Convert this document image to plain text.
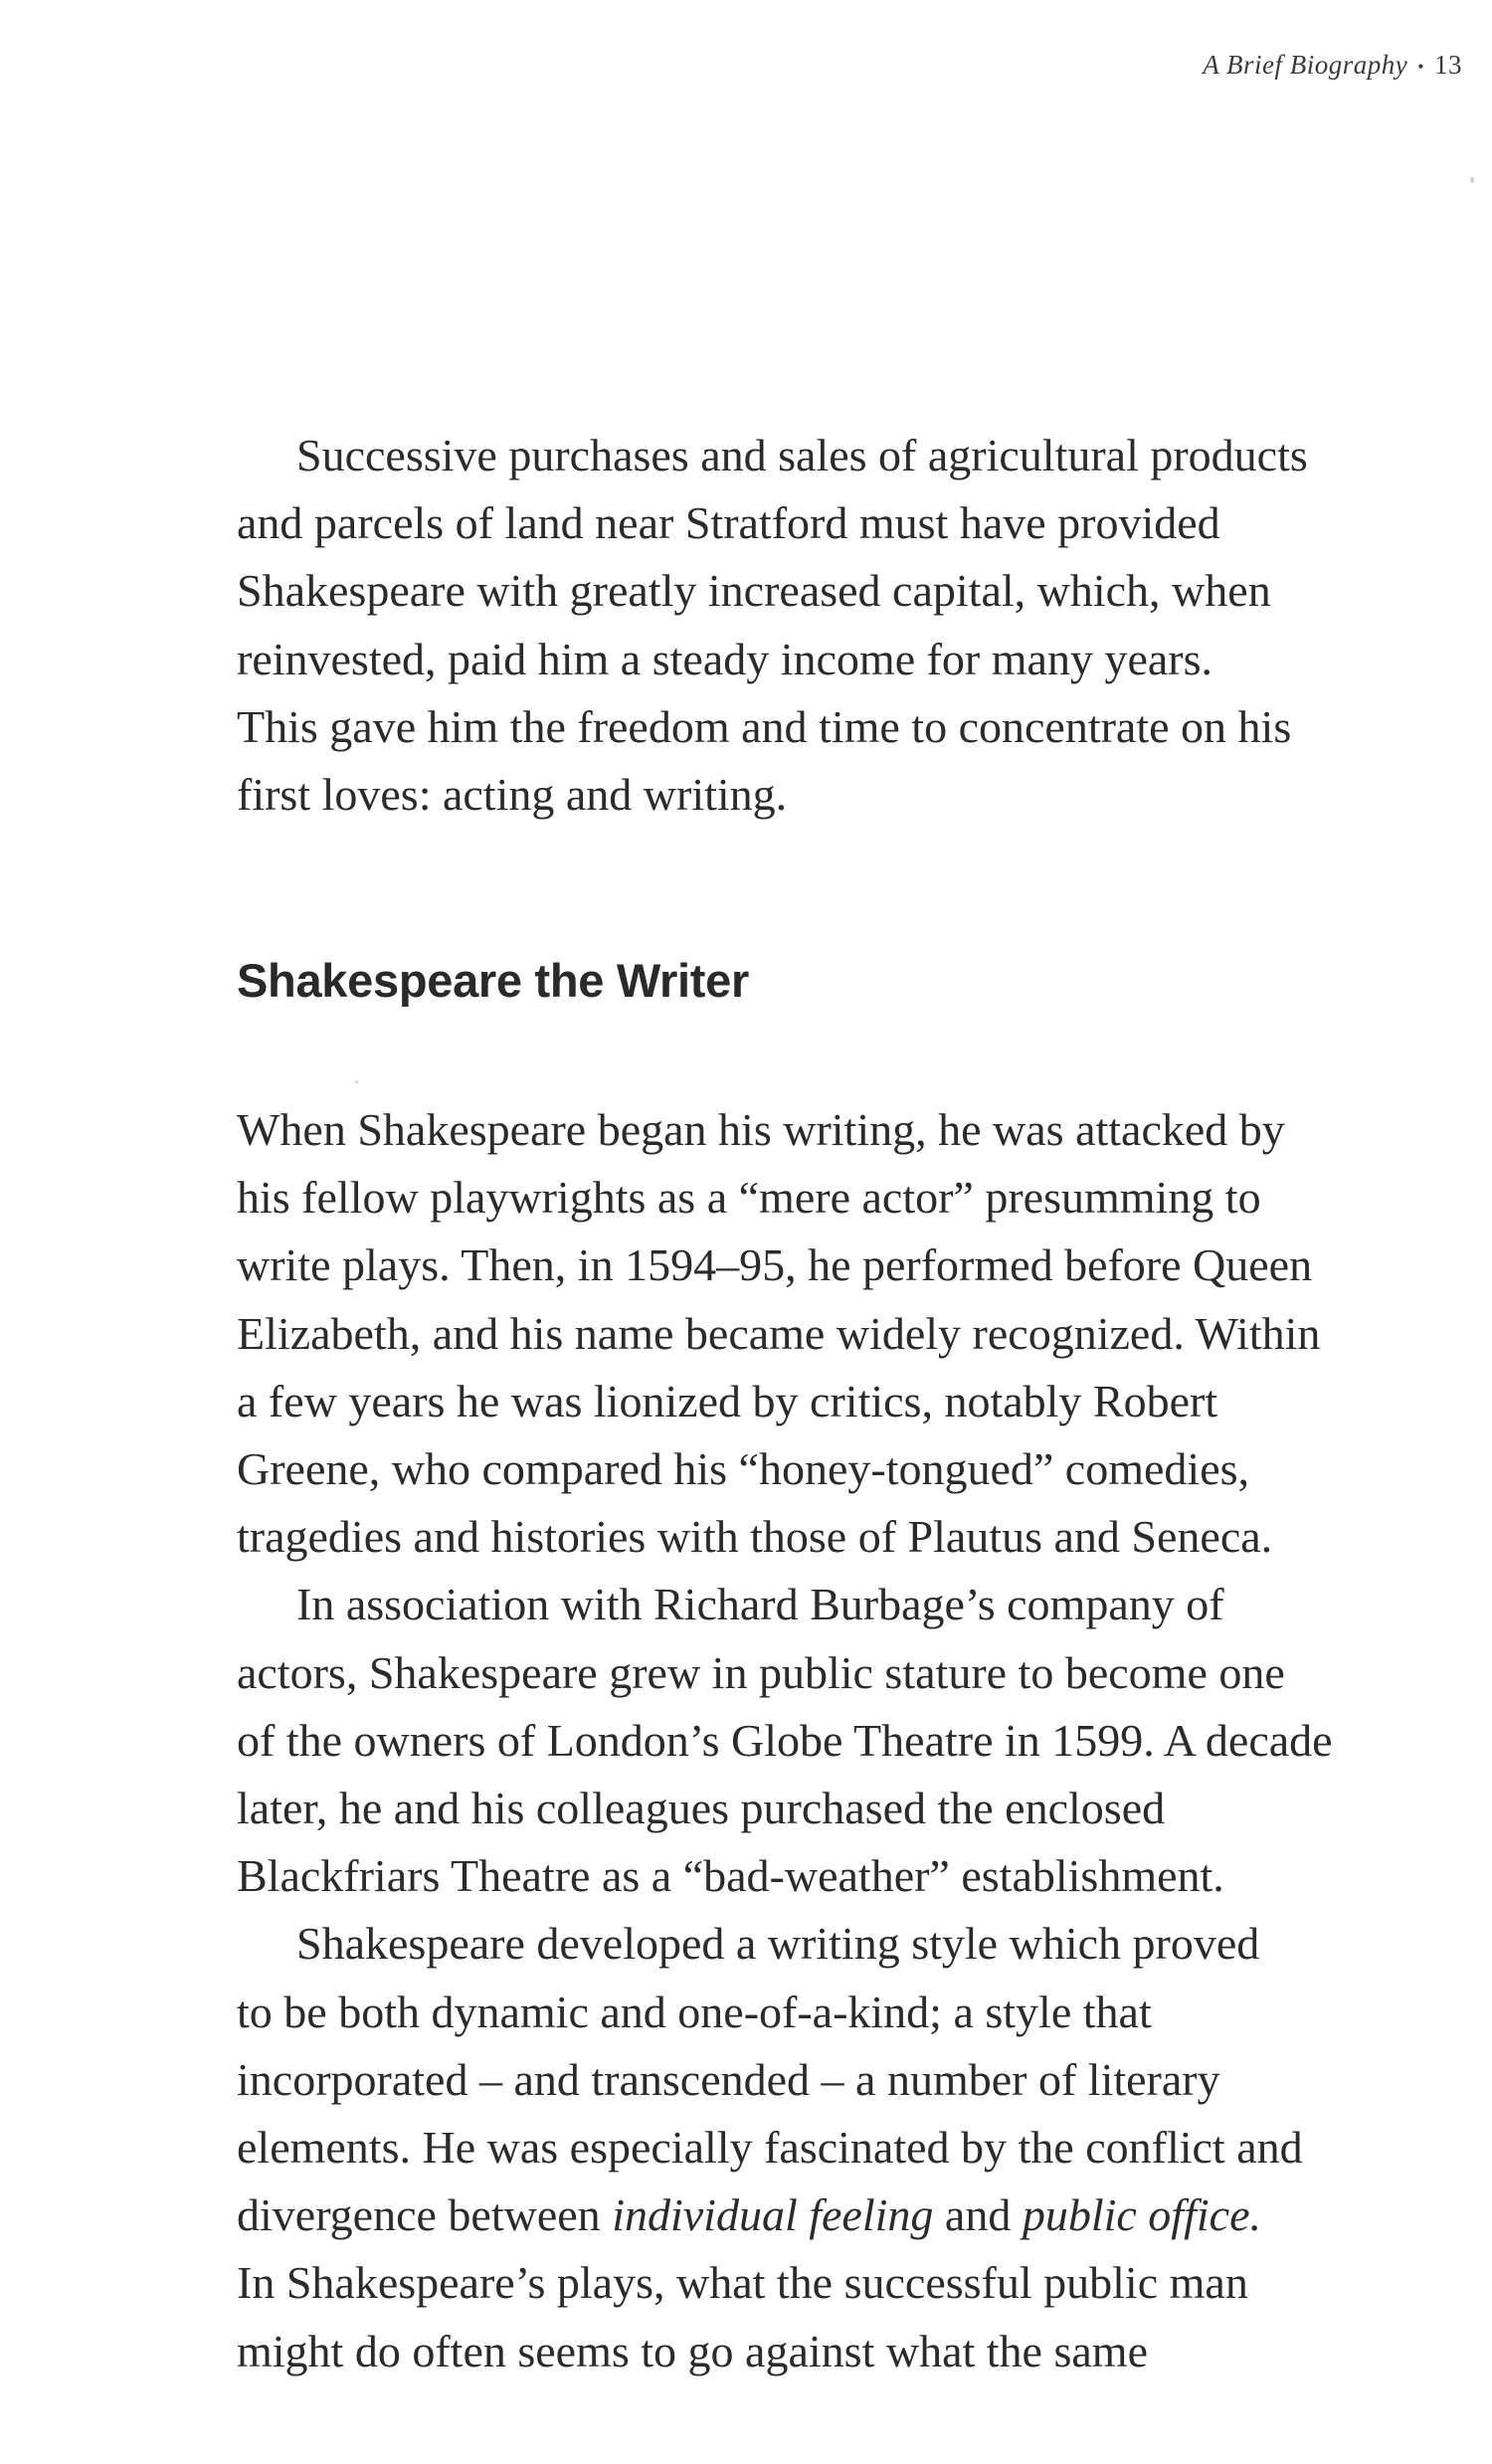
A Brief Biography • 13
Successive purchases and sales of agricultural products
and parcels of land near Stratford must have provided
Shakespeare with greatly increased capital, which, when
reinvested, paid him a steady income for many years.
This gave him the freedom and time to concentrate on his
first loves: acting and writing.
Shakespeare the Writer
When Shakespeare began his writing, he was attacked by
his fellow playwrights as a “mere actor” presumming to
write plays. Then, in 1594–95, he performed before Queen
Elizabeth, and his name became widely recognized. Within
a few years he was lionized by critics, notably Robert
Greene, who compared his “honey-tongued” comedies,
tragedies and histories with those of Plautus and Seneca.
In association with Richard Burbage’s company of
actors, Shakespeare grew in public stature to become one
of the owners of London’s Globe Theatre in 1599. A decade
later, he and his colleagues purchased the enclosed
Blackfriars Theatre as a “bad-weather” establishment.
Shakespeare developed a writing style which proved
to be both dynamic and one-of-a-kind; a style that
incorporated – and transcended – a number of literary
elements. He was especially fascinated by the conflict and
divergence between individual feeling and public office.
In Shakespeare’s plays, what the successful public man
might do often seems to go against what the same
